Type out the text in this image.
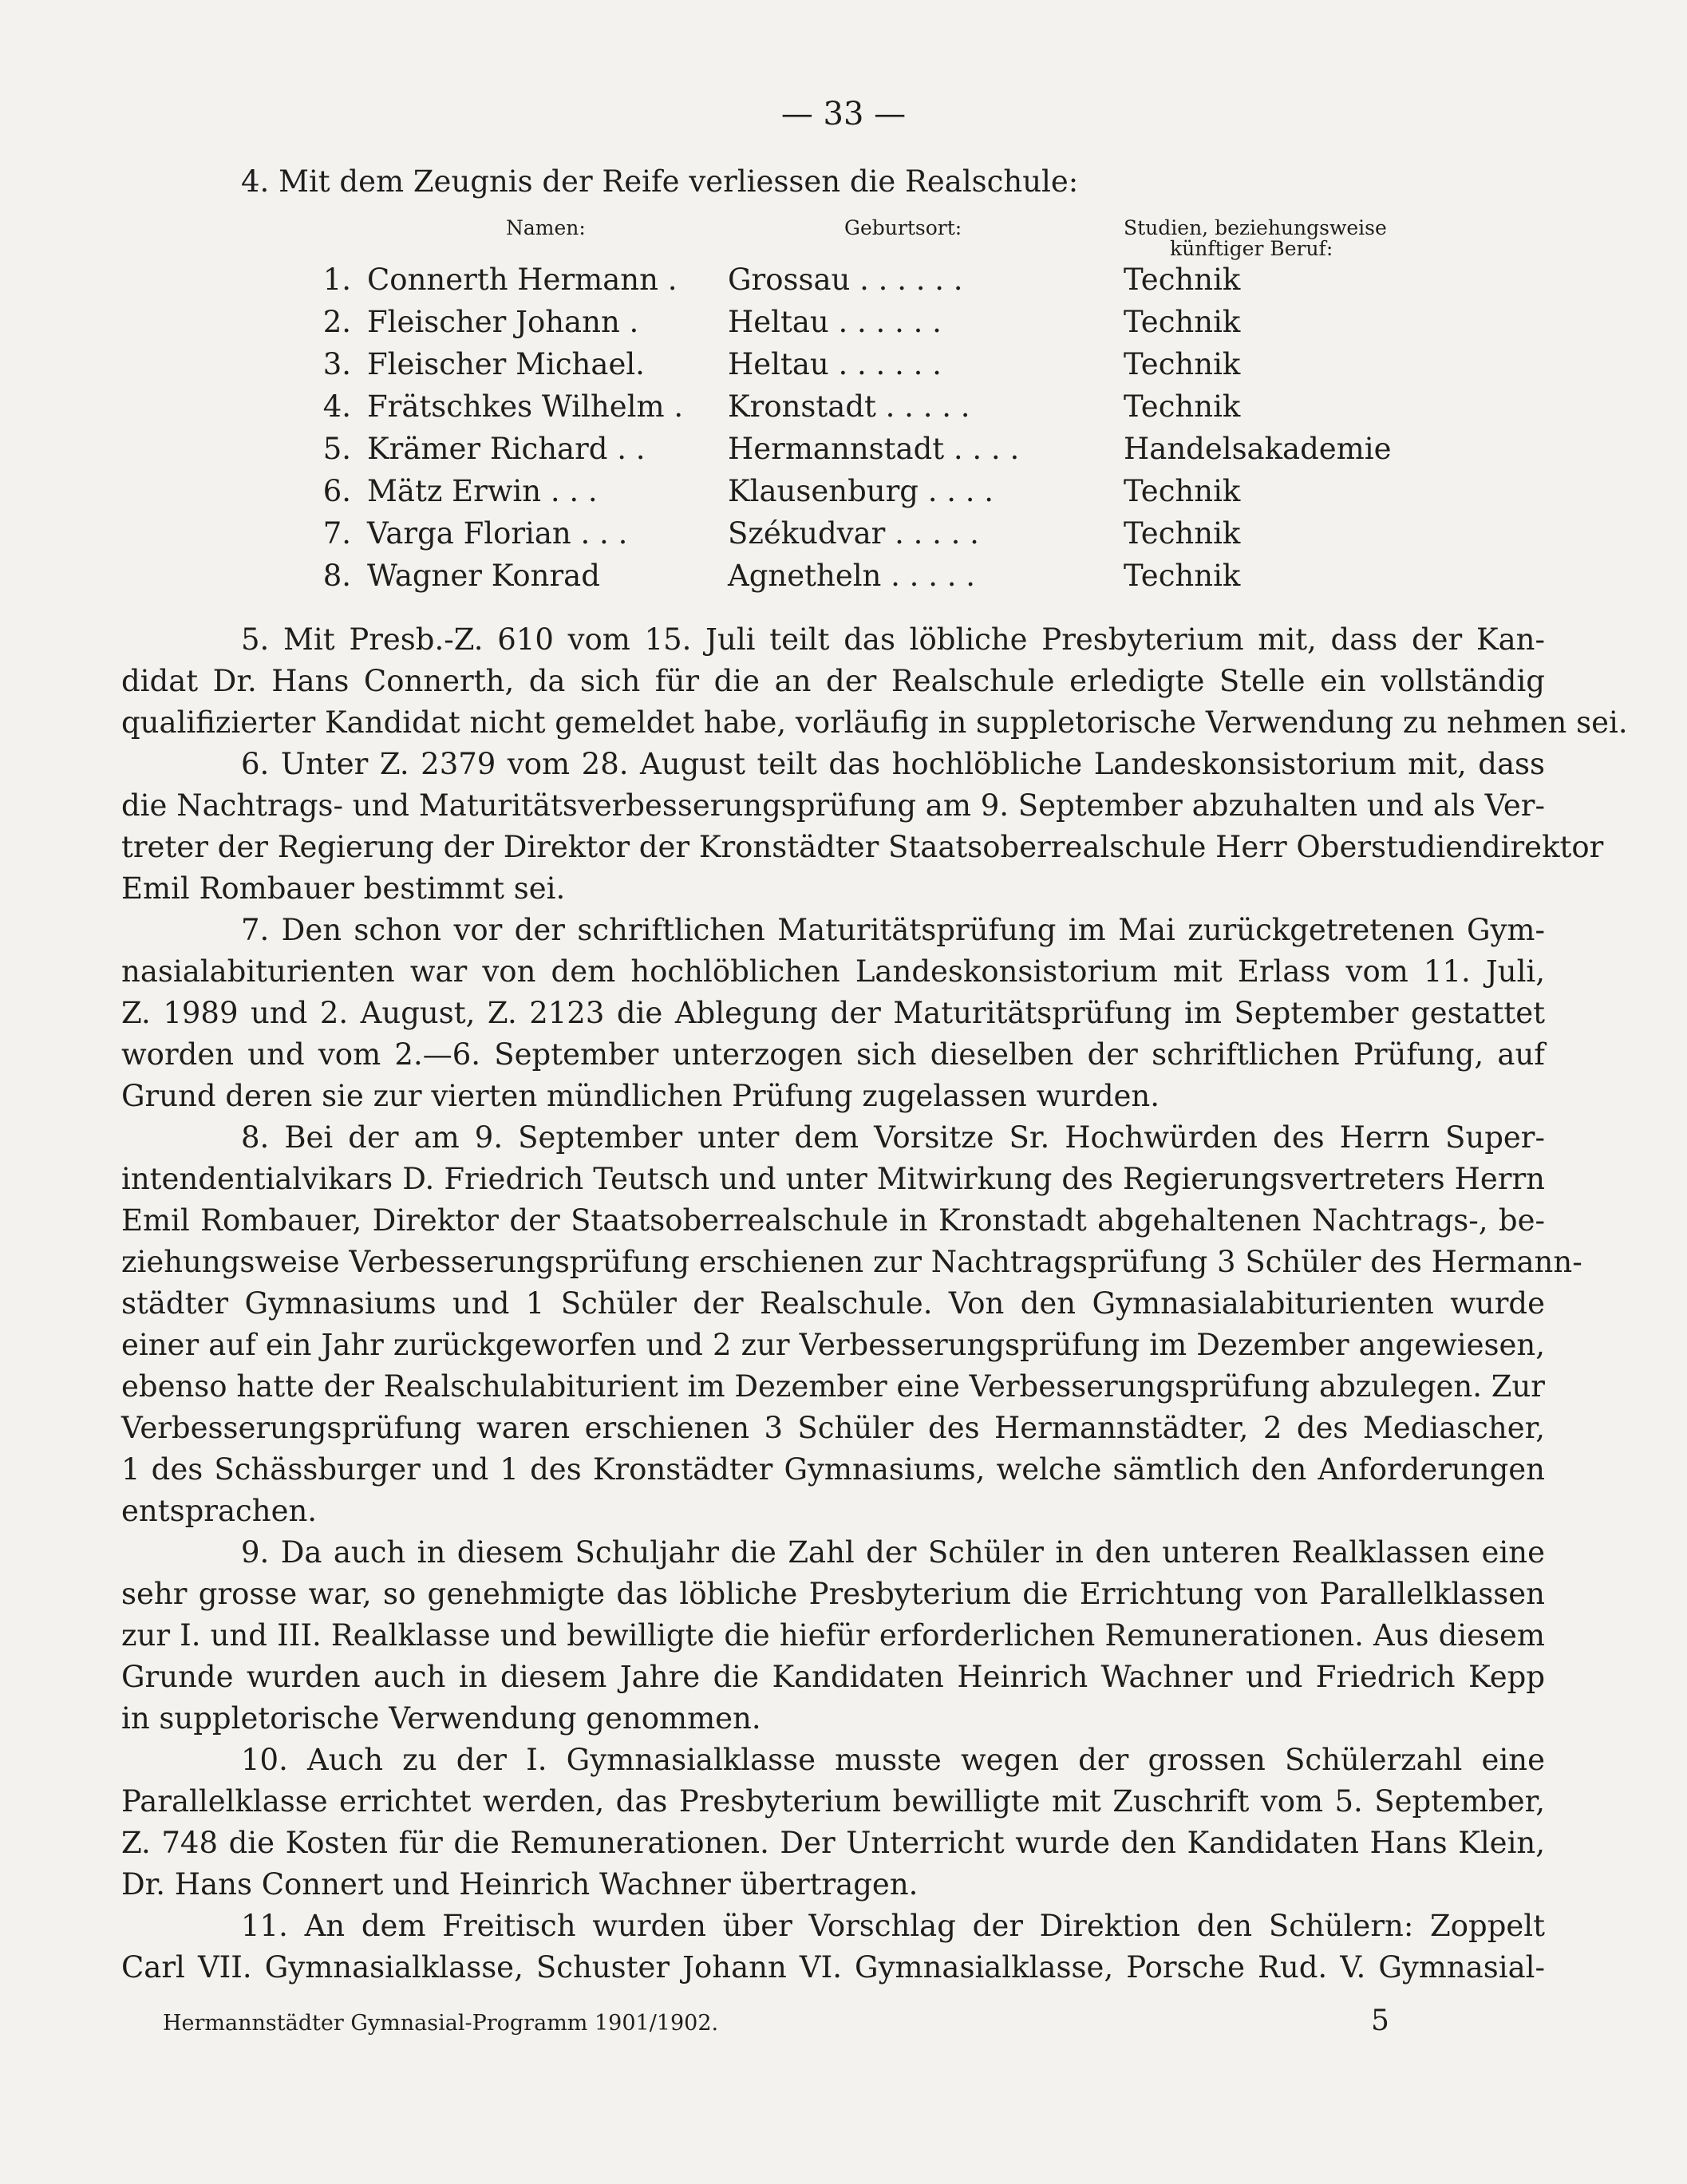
— 33 —
4. Mit dem Zeugnis der Reife verliessen die Realschule:
Namen:	Geburtsort:	Studien, beziehungsweise
künftiger Beruf:
1. Connerth Hermann . Grossau . . . . . .	Technik
2. Fleischer Johann .	Heltau . . . . . .	Technik
3. Fleischer Michael.	Heltau . . . . . .	Technik
4. Frätschkes Wilhelm . Kronstadt . . . . .	Technik
5. Krämer Richard . .	Hermannstadt . . . .	Handelsakademie
6. Mätz Erwin . . .	Klausenburg . . . .	Technik
7. Varga Florian . . .	Székudvar . . . . .	Technik
8. Wagner Konrad	Agnetheln . . . . .	Technik
5. Mit Presb.-Z. 610 vom 15. Juli teilt das löbliche Presbyterium mit, dass der Kan-
didat Dr. Hans Connerth, da sich für die an der Realschule erledigte Stelle ein vollständig
qualifizierter Kandidat nicht gemeldet habe, vorläufig in suppletorische Verwendung zu nehmen sei.
6. Unter Z. 2379 vom 28. August teilt das hochlöbliche Landeskonsistorium mit, dass
die Nachtrags- und Maturitätsverbesserungsprüfung am 9. September abzuhalten und als Ver-
treter der Regierung der Direktor der Kronstädter Staatsoberrealschule Herr Oberstudiendirektor
Emil Rombauer bestimmt sei.
7. Den schon vor der schriftlichen Maturitätsprüfung im Mai zurückgetretenen Gym-
nasialabiturienten war von dem hochlöblichen Landeskonsistorium mit Erlass vom 11. Juli,
Z. 1989 und 2. August, Z. 2123 die Ablegung der Maturitätsprüfung im September gestattet
worden und vom 2.—6. September unterzogen sich dieselben der schriftlichen Prüfung, auf
Grund deren sie zur vierten mündlichen Prüfung zugelassen wurden.
8. Bei der am 9. September unter dem Vorsitze Sr. Hochwürden des Herrn Super-
intendentialvikars D. Friedrich Teutsch und unter Mitwirkung des Regierungsvertreters Herrn
Emil Rombauer, Direktor der Staatsoberrealschule in Kronstadt abgehaltenen Nachtrags-, be-
ziehungsweise Verbesserungsprüfung erschienen zur Nachtragsprüfung 3 Schüler des Hermann-
städter Gymnasiums und 1 Schüler der Realschule. Von den Gymnasialabiturienten wurde
einer auf ein Jahr zurückgeworfen und 2 zur Verbesserungsprüfung im Dezember angewiesen,
ebenso hatte der Realschulabiturient im Dezember eine Verbesserungsprüfung abzulegen. Zur
Verbesserungsprüfung waren erschienen 3 Schüler des Hermannstädter, 2 des Mediascher,
1 des Schässburger und 1 des Kronstädter Gymnasiums, welche sämtlich den Anforderungen
entsprachen.
9. Da auch in diesem Schuljahr die Zahl der Schüler in den unteren Realklassen eine
sehr grosse war, so genehmigte das löbliche Presbyterium die Errichtung von Parallelklassen
zur I. und III. Realklasse und bewilligte die hiefür erforderlichen Remunerationen. Aus diesem
Grunde wurden auch in diesem Jahre die Kandidaten Heinrich Wachner und Friedrich Kepp
in suppletorische Verwendung genommen.
10. Auch zu der I. Gymnasialklasse musste wegen der grossen Schülerzahl eine
Parallelklasse errichtet werden, das Presbyterium bewilligte mit Zuschrift vom 5. September,
Z. 748 die Kosten für die Remunerationen. Der Unterricht wurde den Kandidaten Hans Klein,
Dr. Hans Connert und Heinrich Wachner übertragen.
11. An dem Freitisch wurden über Vorschlag der Direktion den Schülern: Zoppelt
Carl VII. Gymnasialklasse, Schuster Johann VI. Gymnasialklasse, Porsche Rud. V. Gymnasial-
Hermannstädter Gymnasial-Programm 1901/1902.	5
